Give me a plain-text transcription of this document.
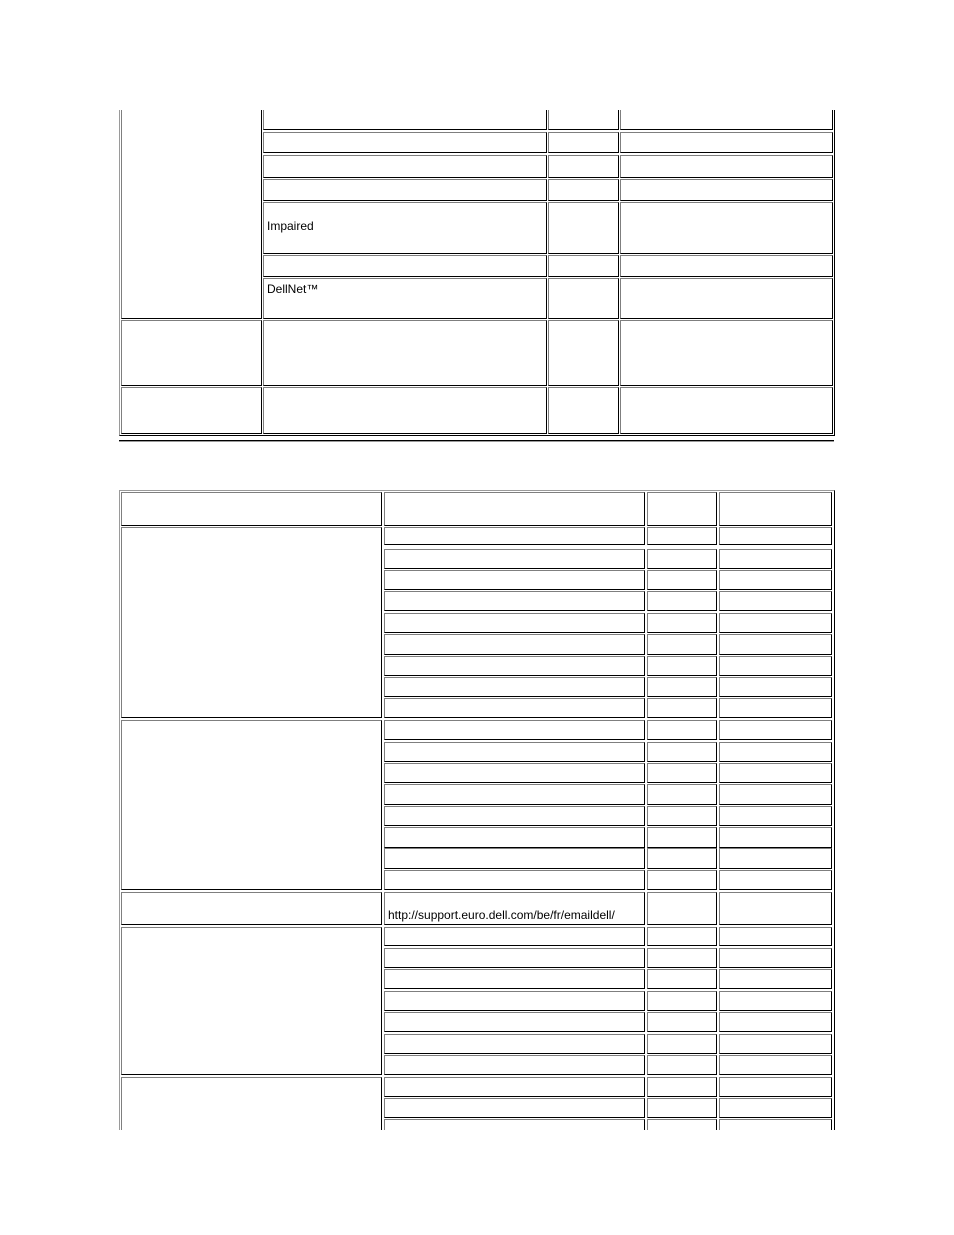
Impaired
DellNet™
http://support.euro.dell.com/be/fr/emaildell/
